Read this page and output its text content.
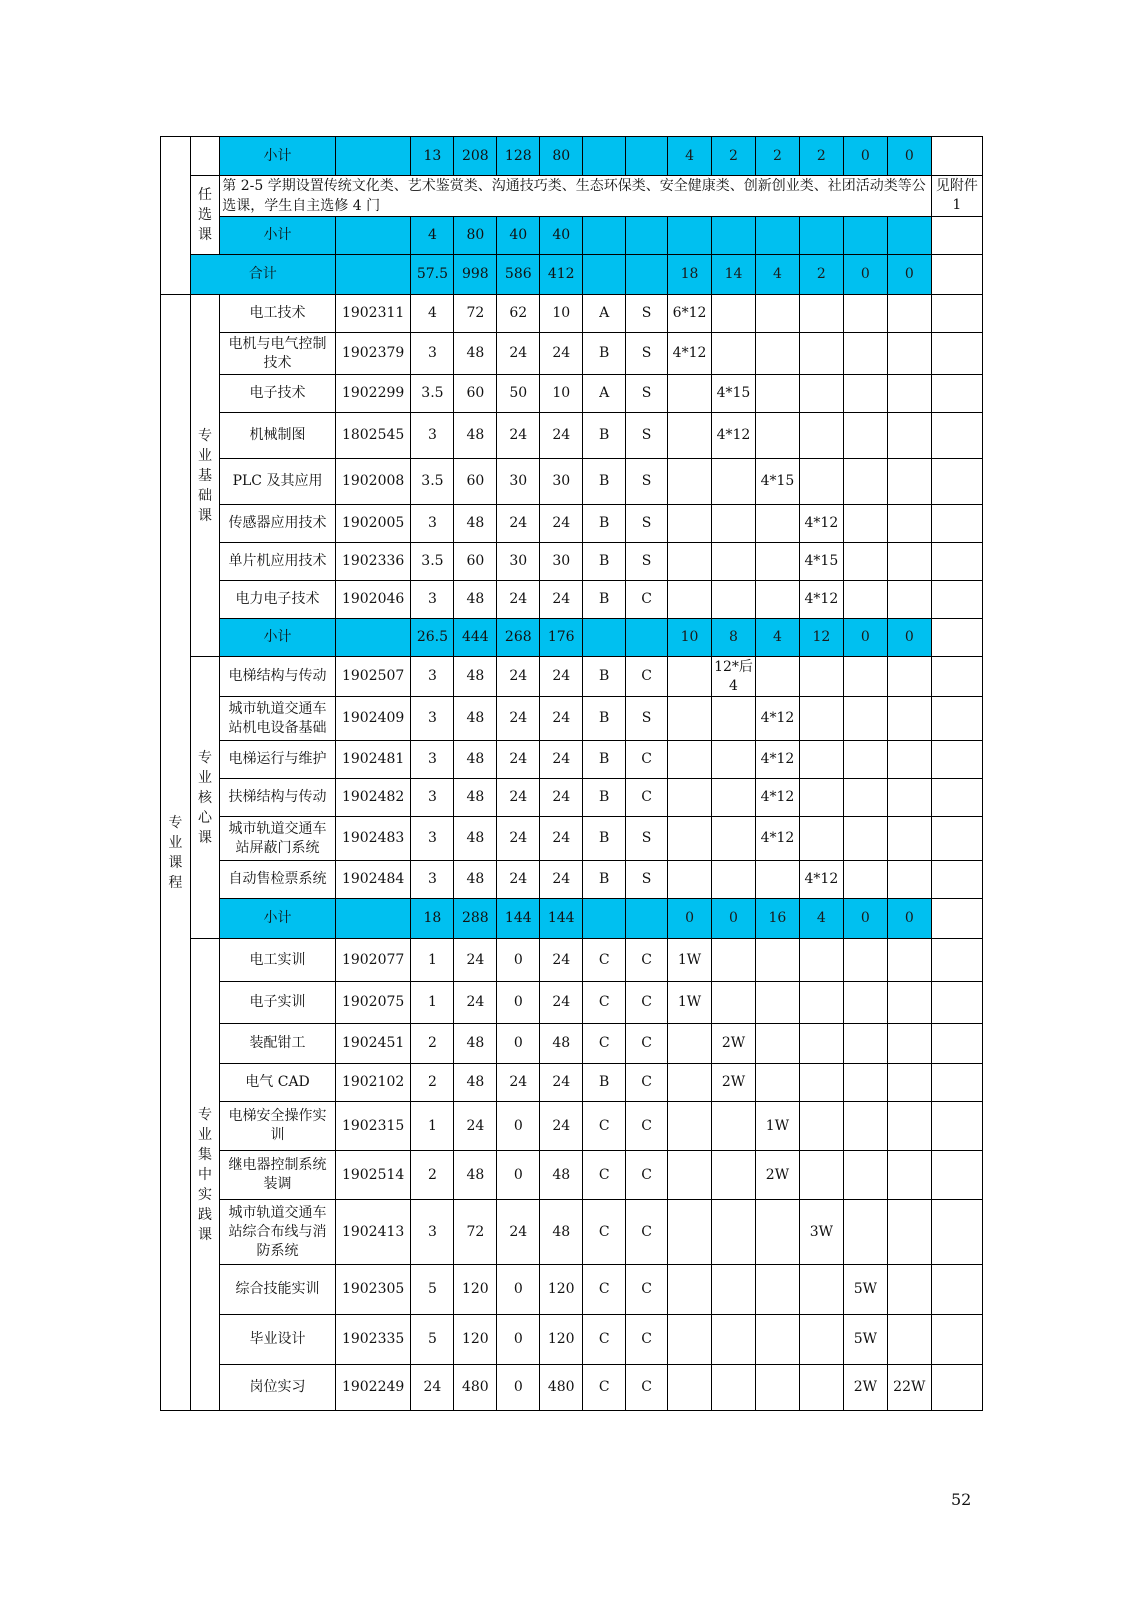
		小计		13	208	128	80			4	2	2	2	0	0	
	任选课	第 2-5 学期设置传统文化类、艺术鉴赏类、沟通技巧类、生态环保类、安全健康类、创新创业类、社团活动类等公选课，学生自主选修 4 门														见附件1
		小计		4	80	40	40									
	合计			57.5	998	586	412			18	14	4	2	0	0	
专业课程	专业基础课	电工技术	1902311	4	72	62	10	A	S	6*12						
		电机与电气控制技术	1902379	3	48	24	24	B	S	4*12						
		电子技术	1902299	3.5	60	50	10	A	S		4*15					
		机械制图	1802545	3	48	24	24	B	S		4*12					
		PLC 及其应用	1902008	3.5	60	30	30	B	S			4*15				
		传感器应用技术	1902005	3	48	24	24	B	S				4*12			
		单片机应用技术	1902336	3.5	60	30	30	B	S				4*15			
		电力电子技术	1902046	3	48	24	24	B	C				4*12			
		小计		26.5	444	268	176			10	8	4	12	0	0	
	专业核心课	电梯结构与传动	1902507	3	48	24	24	B	C		12*后4					
		城市轨道交通车站机电设备基础	1902409	3	48	24	24	B	S			4*12				
		电梯运行与维护	1902481	3	48	24	24	B	C			4*12				
		扶梯结构与传动	1902482	3	48	24	24	B	C			4*12				
		城市轨道交通车站屏蔽门系统	1902483	3	48	24	24	B	S			4*12				
		自动售检票系统	1902484	3	48	24	24	B	S				4*12			
		小计		18	288	144	144			0	0	16	4	0	0	
	专业集中实践课	电工实训	1902077	1	24	0	24	C	C	1W						
		电子实训	1902075	1	24	0	24	C	C	1W						
		装配钳工	1902451	2	48	0	48	C	C		2W					
		电气 CAD	1902102	2	48	24	24	B	C		2W					
		电梯安全操作实训	1902315	1	24	0	24	C	C			1W				
		继电器控制系统装调	1902514	2	48	0	48	C	C			2W				
		城市轨道交通车站综合布线与消防系统	1902413	3	72	24	48	C	C				3W			
		综合技能实训	1902305	5	120	0	120	C	C					5W		
		毕业设计	1902335	5	120	0	120	C	C					5W		
		岗位实习	1902249	24	480	0	480	C	C					2W	22W	
52
